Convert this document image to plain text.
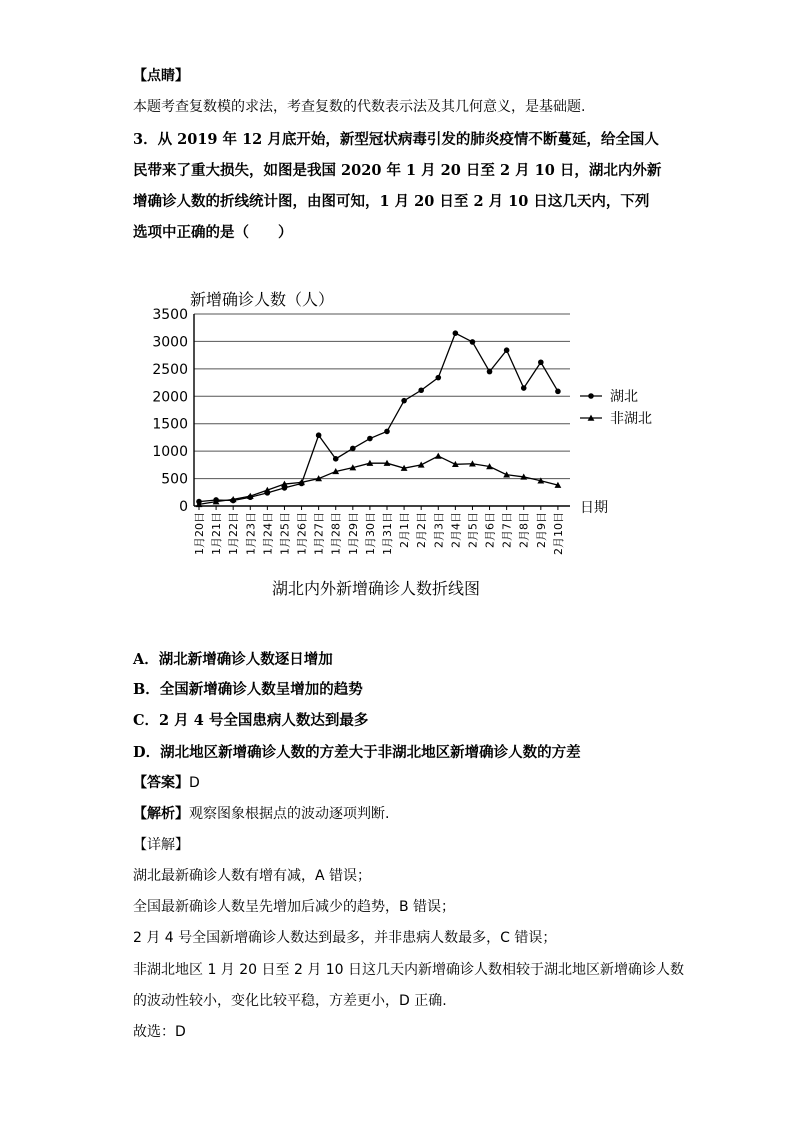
【点睛】
本题考查复数模的求法，考查复数的代数表示法及其几何意义，是基础题.
3．从 2019 年 12 月底开始，新型冠状病毒引发的肺炎疫情不断蔓延，给全国人民带来了重大损失，如图是我国 2020 年 1 月 20 日至 2 月 10 日，湖北内外新增确诊人数的折线统计图，由图可知，1 月 20 日至 2 月 10 日这几天内，下列选项中正确的是（　　）
0
500
1000
1500
2000
2500
3000
3500
1月20日 1月21日 1月22日 1月23日 1月24日 1月25日 1月26日 1月27日 1月28日 1月29日 1月30日 1月31日 2月1日 2月2日 2月3日 2月4日 2月5日 2月6日 2月7日 2月8日 2月9日 2月10日
湖北
非湖北
新增确诊人数（人）
日期
湖北内外新增确诊人数折线图
A．湖北新增确诊人数逐日增加
B．全国新增确诊人数呈增加的趋势
C．2 月 4 号全国患病人数达到最多
D．湖北地区新增确诊人数的方差大于非湖北地区新增确诊人数的方差
【答案】D
【解析】观察图象根据点的波动逐项判断.
【详解】
湖北最新确诊人数有增有减，A 错误；
全国最新确诊人数呈先增加后减少的趋势，B 错误；
2 月 4 号全国新增确诊人数达到最多，并非患病人数最多，C 错误；
非湖北地区 1 月 20 日至 2 月 10 日这几天内新增确诊人数相较于湖北地区新增确诊人数
的波动性较小，变化比较平稳，方差更小，D 正确.
故选：D
